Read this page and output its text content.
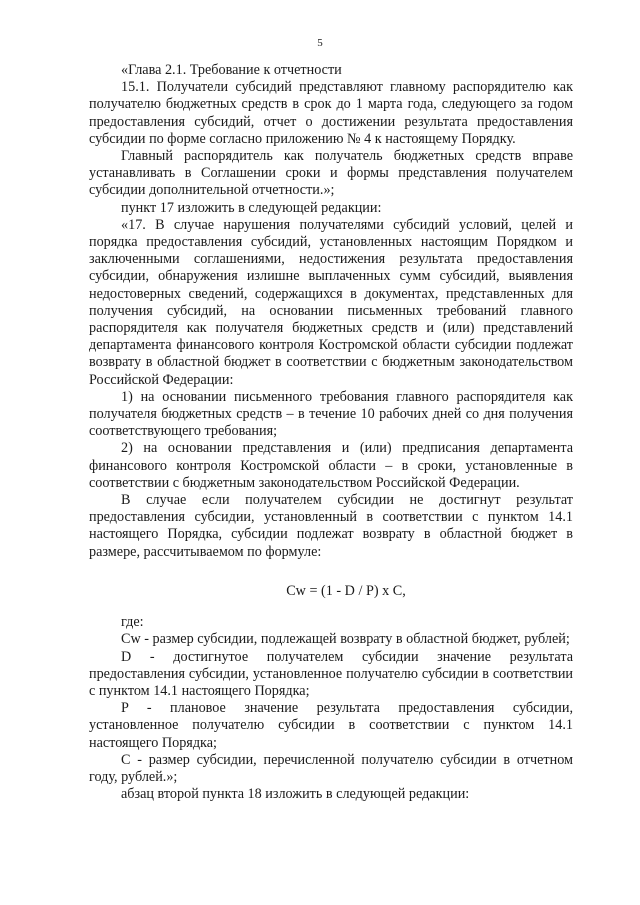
5

«Глава 2.1. Требование к отчетности

15.1. Получатели субсидий представляют главному распорядителю как получателю бюджетных средств в срок до 1 марта года, следующего за годом предоставления субсидий, отчет о достижении результата предоставления субсидии по форме согласно приложению № 4 к настоящему Порядку.

Главный распорядитель как получатель бюджетных средств вправе устанавливать в Соглашении сроки и формы представления получателем субсидии дополнительной отчетности.»;

пункт 17 изложить в следующей редакции:

«17. В случае нарушения получателями субсидий условий, целей и порядка предоставления субсидий, установленных настоящим Порядком и заключенными соглашениями, недостижения результата предоставления субсидии, обнаружения излишне выплаченных сумм субсидий, выявления недостоверных сведений, содержащихся в документах, представленных для получения субсидий, на основании письменных требований главного распорядителя как получателя бюджетных средств и (или) представлений департамента финансового контроля Костромской области субсидии подлежат возврату в областной бюджет в соответствии с бюджетным законодательством Российской Федерации:

1) на основании письменного требования главного распорядителя как получателя бюджетных средств – в течение 10 рабочих дней со дня получения соответствующего требования;

2) на основании представления и (или) предписания департамента финансового контроля Костромской области – в сроки, установленные в соответствии с бюджетным законодательством Российской Федерации.

В случае если получателем субсидии не достигнут результат предоставления субсидии, установленный в соответствии с пунктом 14.1 настоящего Порядка, субсидии подлежат возврату в областной бюджет в размере, рассчитываемом по формуле:

Cw = (1 - D / P) x C,

где:

Cw - размер субсидии, подлежащей возврату в областной бюджет, рублей;

D - достигнутое получателем субсидии значение результата предоставления субсидии, установленное получателю субсидии в соответствии с пунктом 14.1 настоящего Порядка;

P - плановое значение результата предоставления субсидии, установленное получателю субсидии в соответствии с пунктом 14.1 настоящего Порядка;

C - размер субсидии, перечисленной получателю субсидии в отчетном году, рублей.»;

абзац второй пункта 18 изложить в следующей редакции:
